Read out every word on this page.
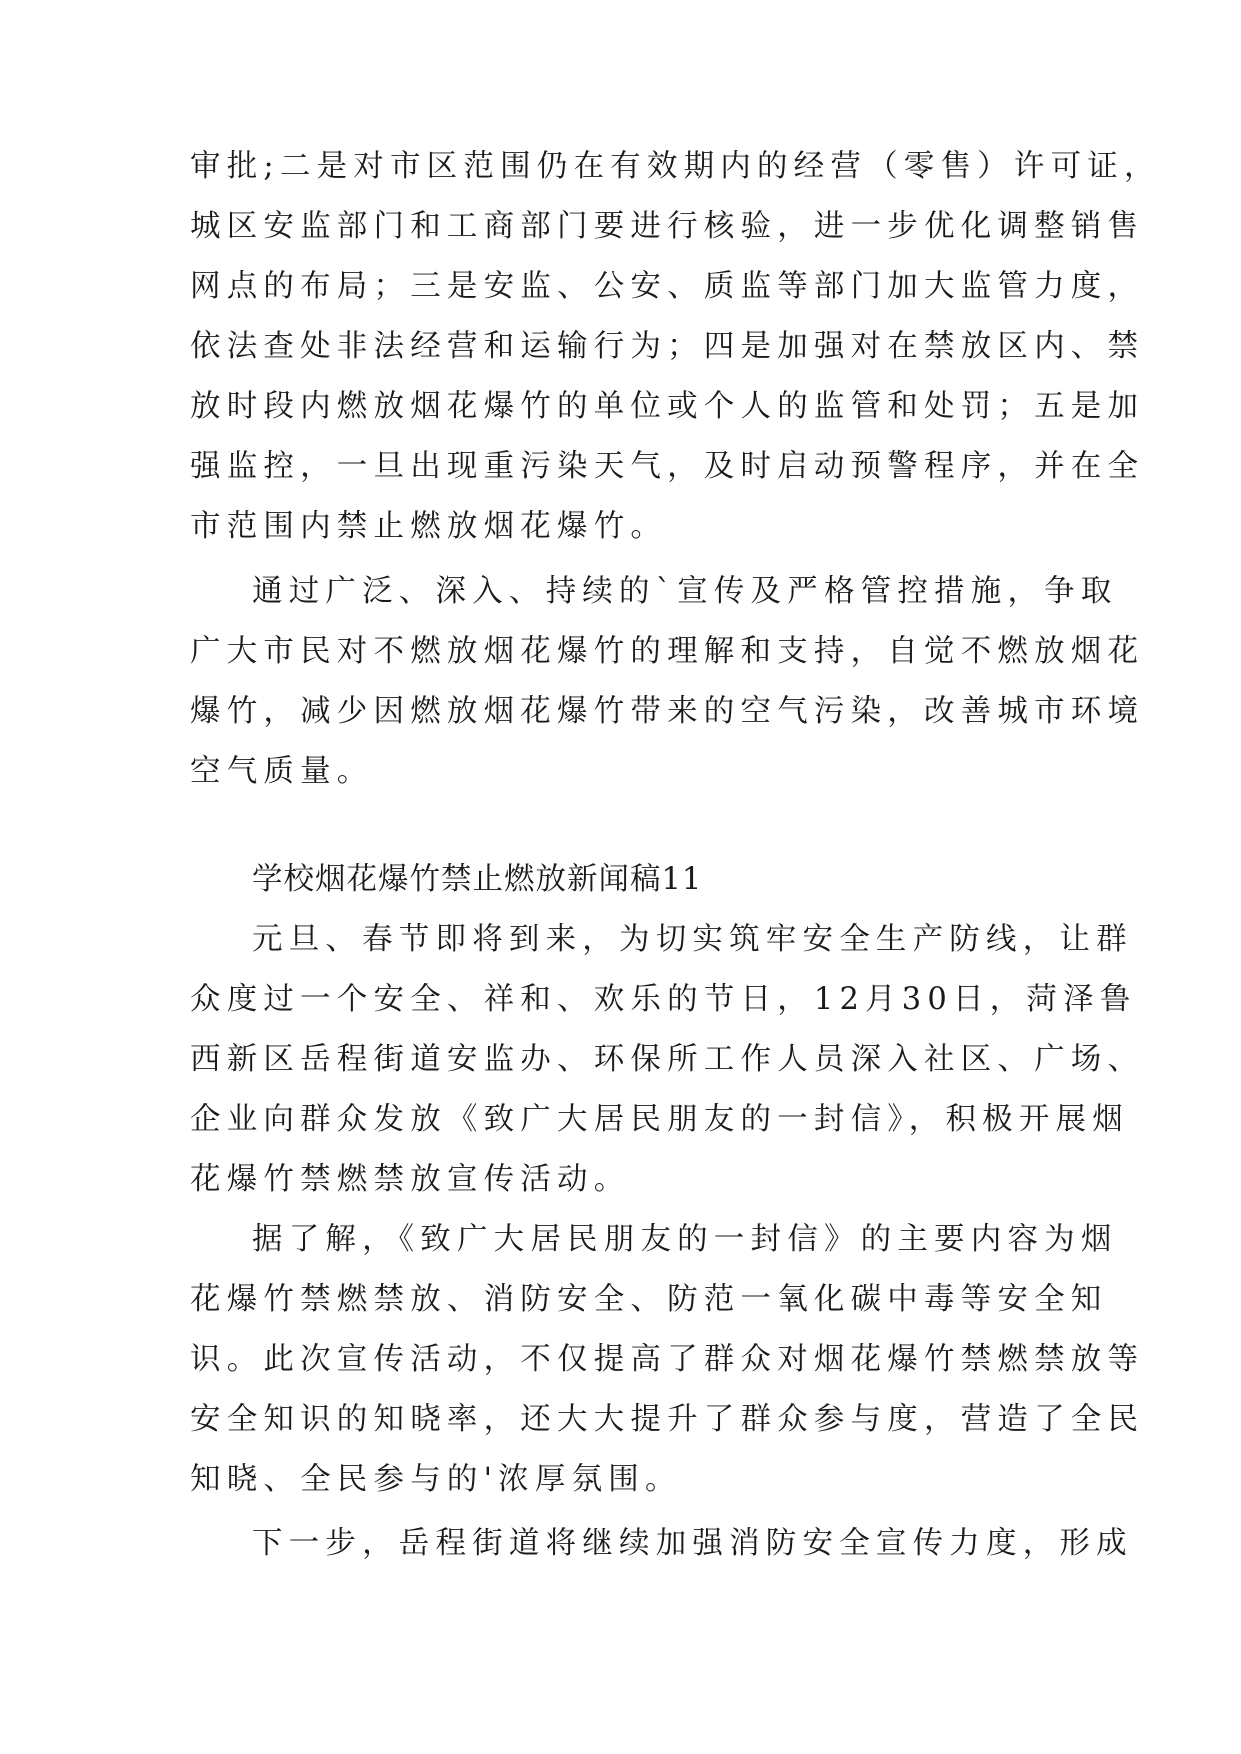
审批;二是对市区范围仍在有效期内的经营（零售）许可证，

城区安监部门和工商部门要进行核验，进一步优化调整销售

网点的布局；三是安监、公安、质监等部门加大监管力度，

依法查处非法经营和运输行为；四是加强对在禁放区内、禁

放时段内燃放烟花爆竹的单位或个人的监管和处罚；五是加

强监控，一旦出现重污染天气，及时启动预警程序，并在全

市范围内禁止燃放烟花爆竹。

通过广泛、深入、持续的`宣传及严格管控措施，争取

广大市民对不燃放烟花爆竹的理解和支持，自觉不燃放烟花

爆竹，减少因燃放烟花爆竹带来的空气污染，改善城市环境

空气质量。

学校烟花爆竹禁止燃放新闻稿11

元旦、春节即将到来，为切实筑牢安全生产防线，让群

众度过一个安全、祥和、欢乐的节日，12月30日，菏泽鲁

西新区岳程街道安监办、环保所工作人员深入社区、广场、

企业向群众发放《致广大居民朋友的一封信》，积极开展烟

花爆竹禁燃禁放宣传活动。

据了解，《致广大居民朋友的一封信》的主要内容为烟

花爆竹禁燃禁放、消防安全、防范一氧化碳中毒等安全知

识。此次宣传活动，不仅提高了群众对烟花爆竹禁燃禁放等

安全知识的知晓率，还大大提升了群众参与度，营造了全民

知晓、全民参与的'浓厚氛围。

下一步，岳程街道将继续加强消防安全宣传力度，形成
